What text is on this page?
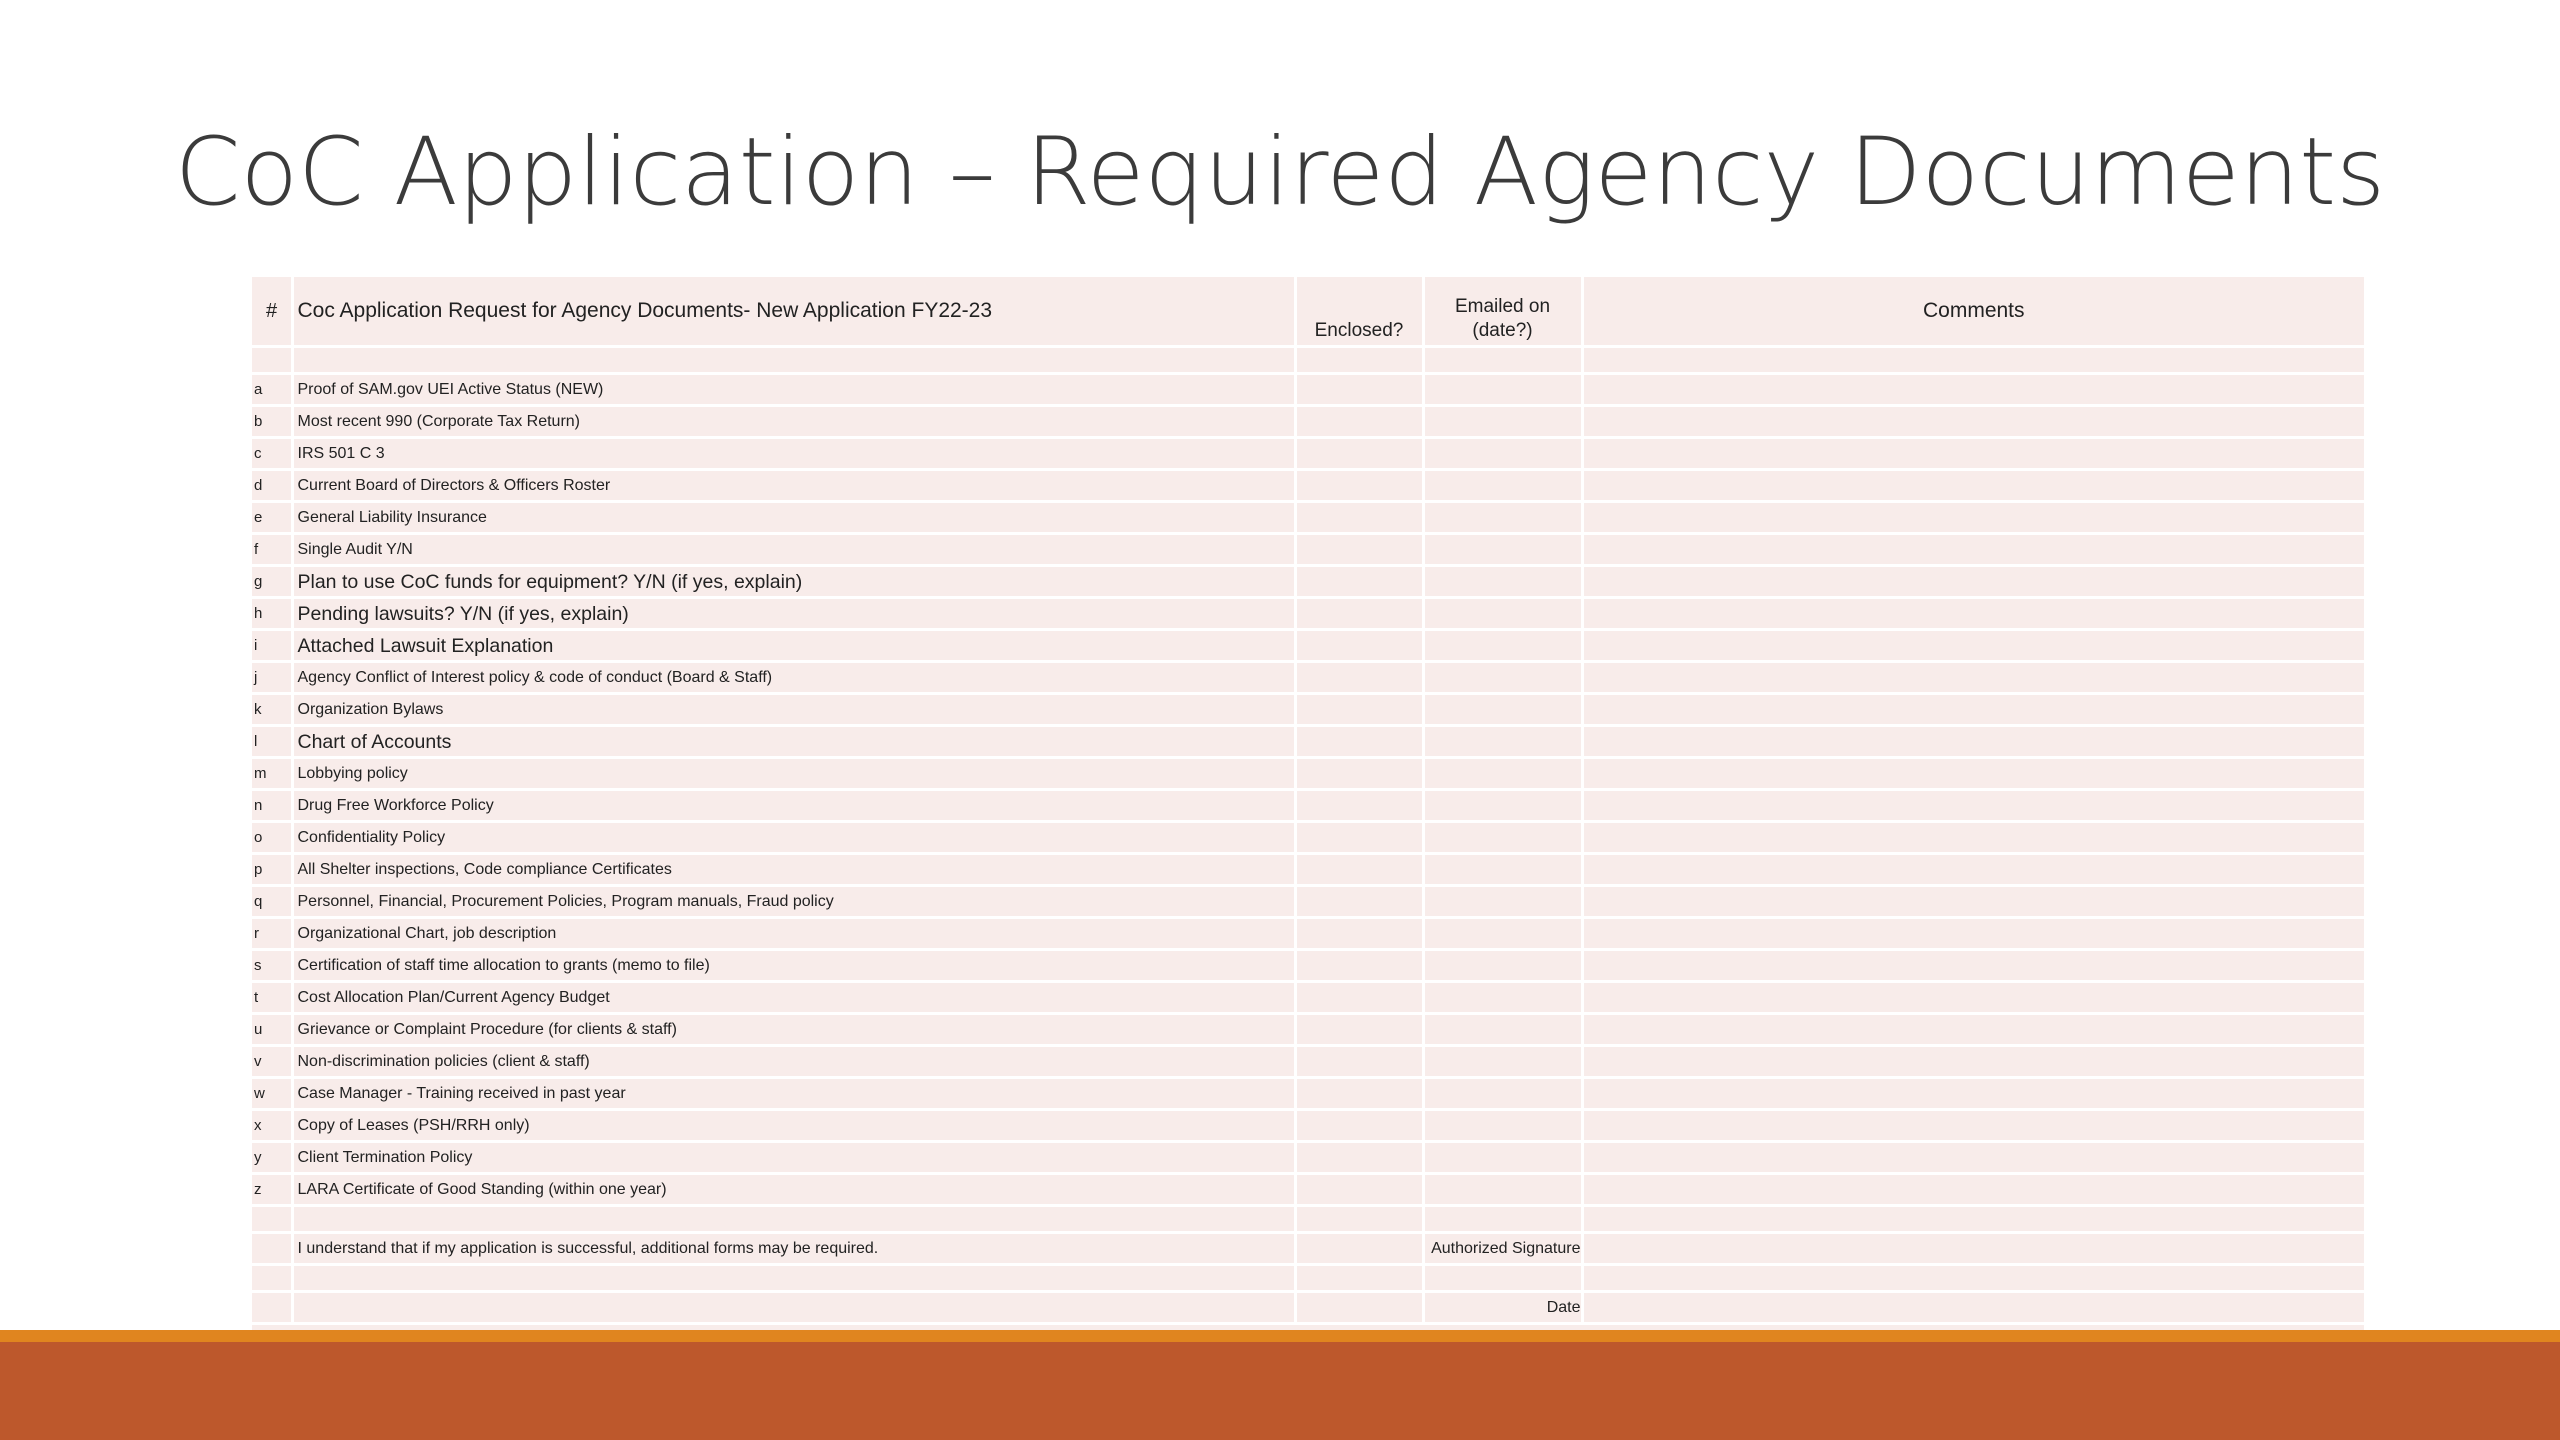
CoC Application – Required Agency Documents
#	Coc Application Request for Agency Documents- New Application FY22-23	Enclosed?	Emailed on (date?)	Comments

a	Proof of SAM.gov UEI Active Status (NEW)			
b	Most recent 990 (Corporate Tax Return)			
c	IRS 501 C 3			
d	Current Board of Directors & Officers Roster			
e	General Liability Insurance			
f	Single Audit Y/N			
g	Plan to use CoC funds for equipment? Y/N (if yes, explain)			
h	Pending lawsuits? Y/N (if yes, explain)			
i	Attached Lawsuit Explanation			
j	Agency Conflict of Interest policy & code of conduct (Board & Staff)			
k	Organization Bylaws			
l	Chart of Accounts			
m	Lobbying policy			
n	Drug Free Workforce Policy			
o	Confidentiality Policy			
p	All Shelter inspections, Code compliance Certificates			
q	Personnel, Financial, Procurement Policies, Program manuals, Fraud policy			
r	Organizational Chart, job description			
s	Certification of staff time allocation to grants (memo to file)			
t	Cost Allocation Plan/Current Agency Budget			
u	Grievance or Complaint Procedure (for clients & staff)			
v	Non-discrimination policies (client & staff)			
w	Case Manager - Training received in past year			
x	Copy of Leases (PSH/RRH only)			
y	Client Termination Policy			
z	LARA Certificate of Good Standing (within one year)			

	I understand that if my application is successful, additional forms may be required.		Authorized Signature	

			Date	
